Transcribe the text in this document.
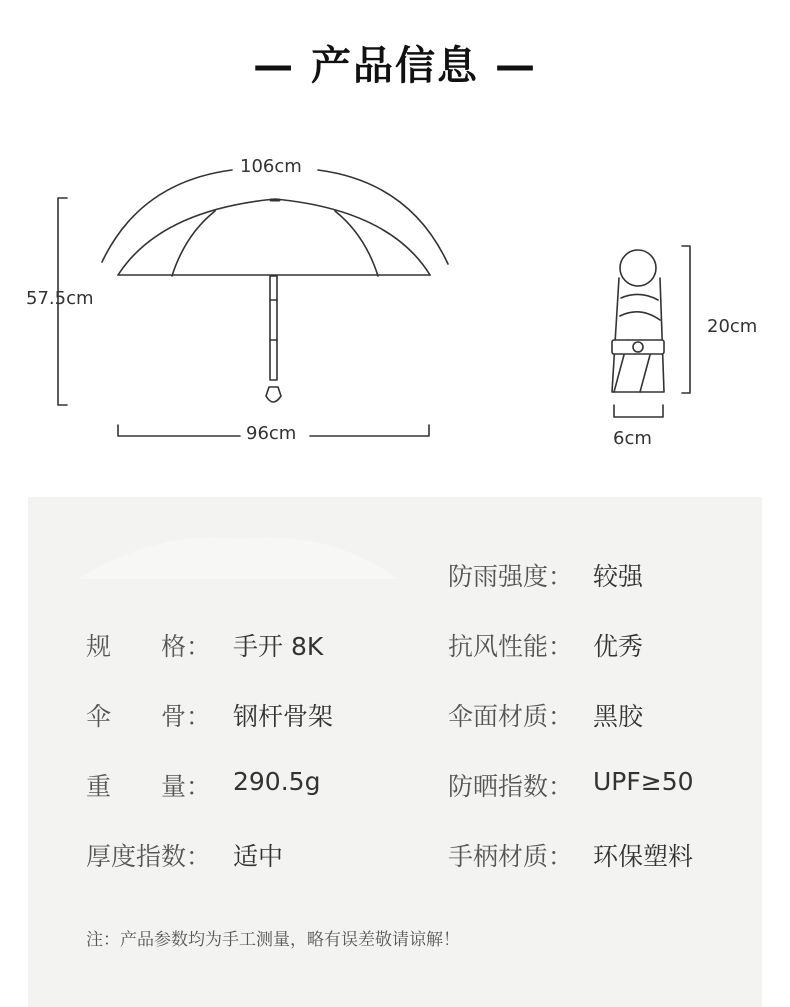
— 产品信息 —
106cm
57.5cm
96cm
20cm
6cm
规　　格： 手开 8K
伞　　骨： 钢杆骨架
重　　量： 290.5g
厚度指数： 适中
防雨强度： 较强
抗风性能： 优秀
伞面材质： 黑胶
防晒指数： UPF≥50
手柄材质： 环保塑料
注：产品参数均为手工测量，略有误差敬请谅解！
